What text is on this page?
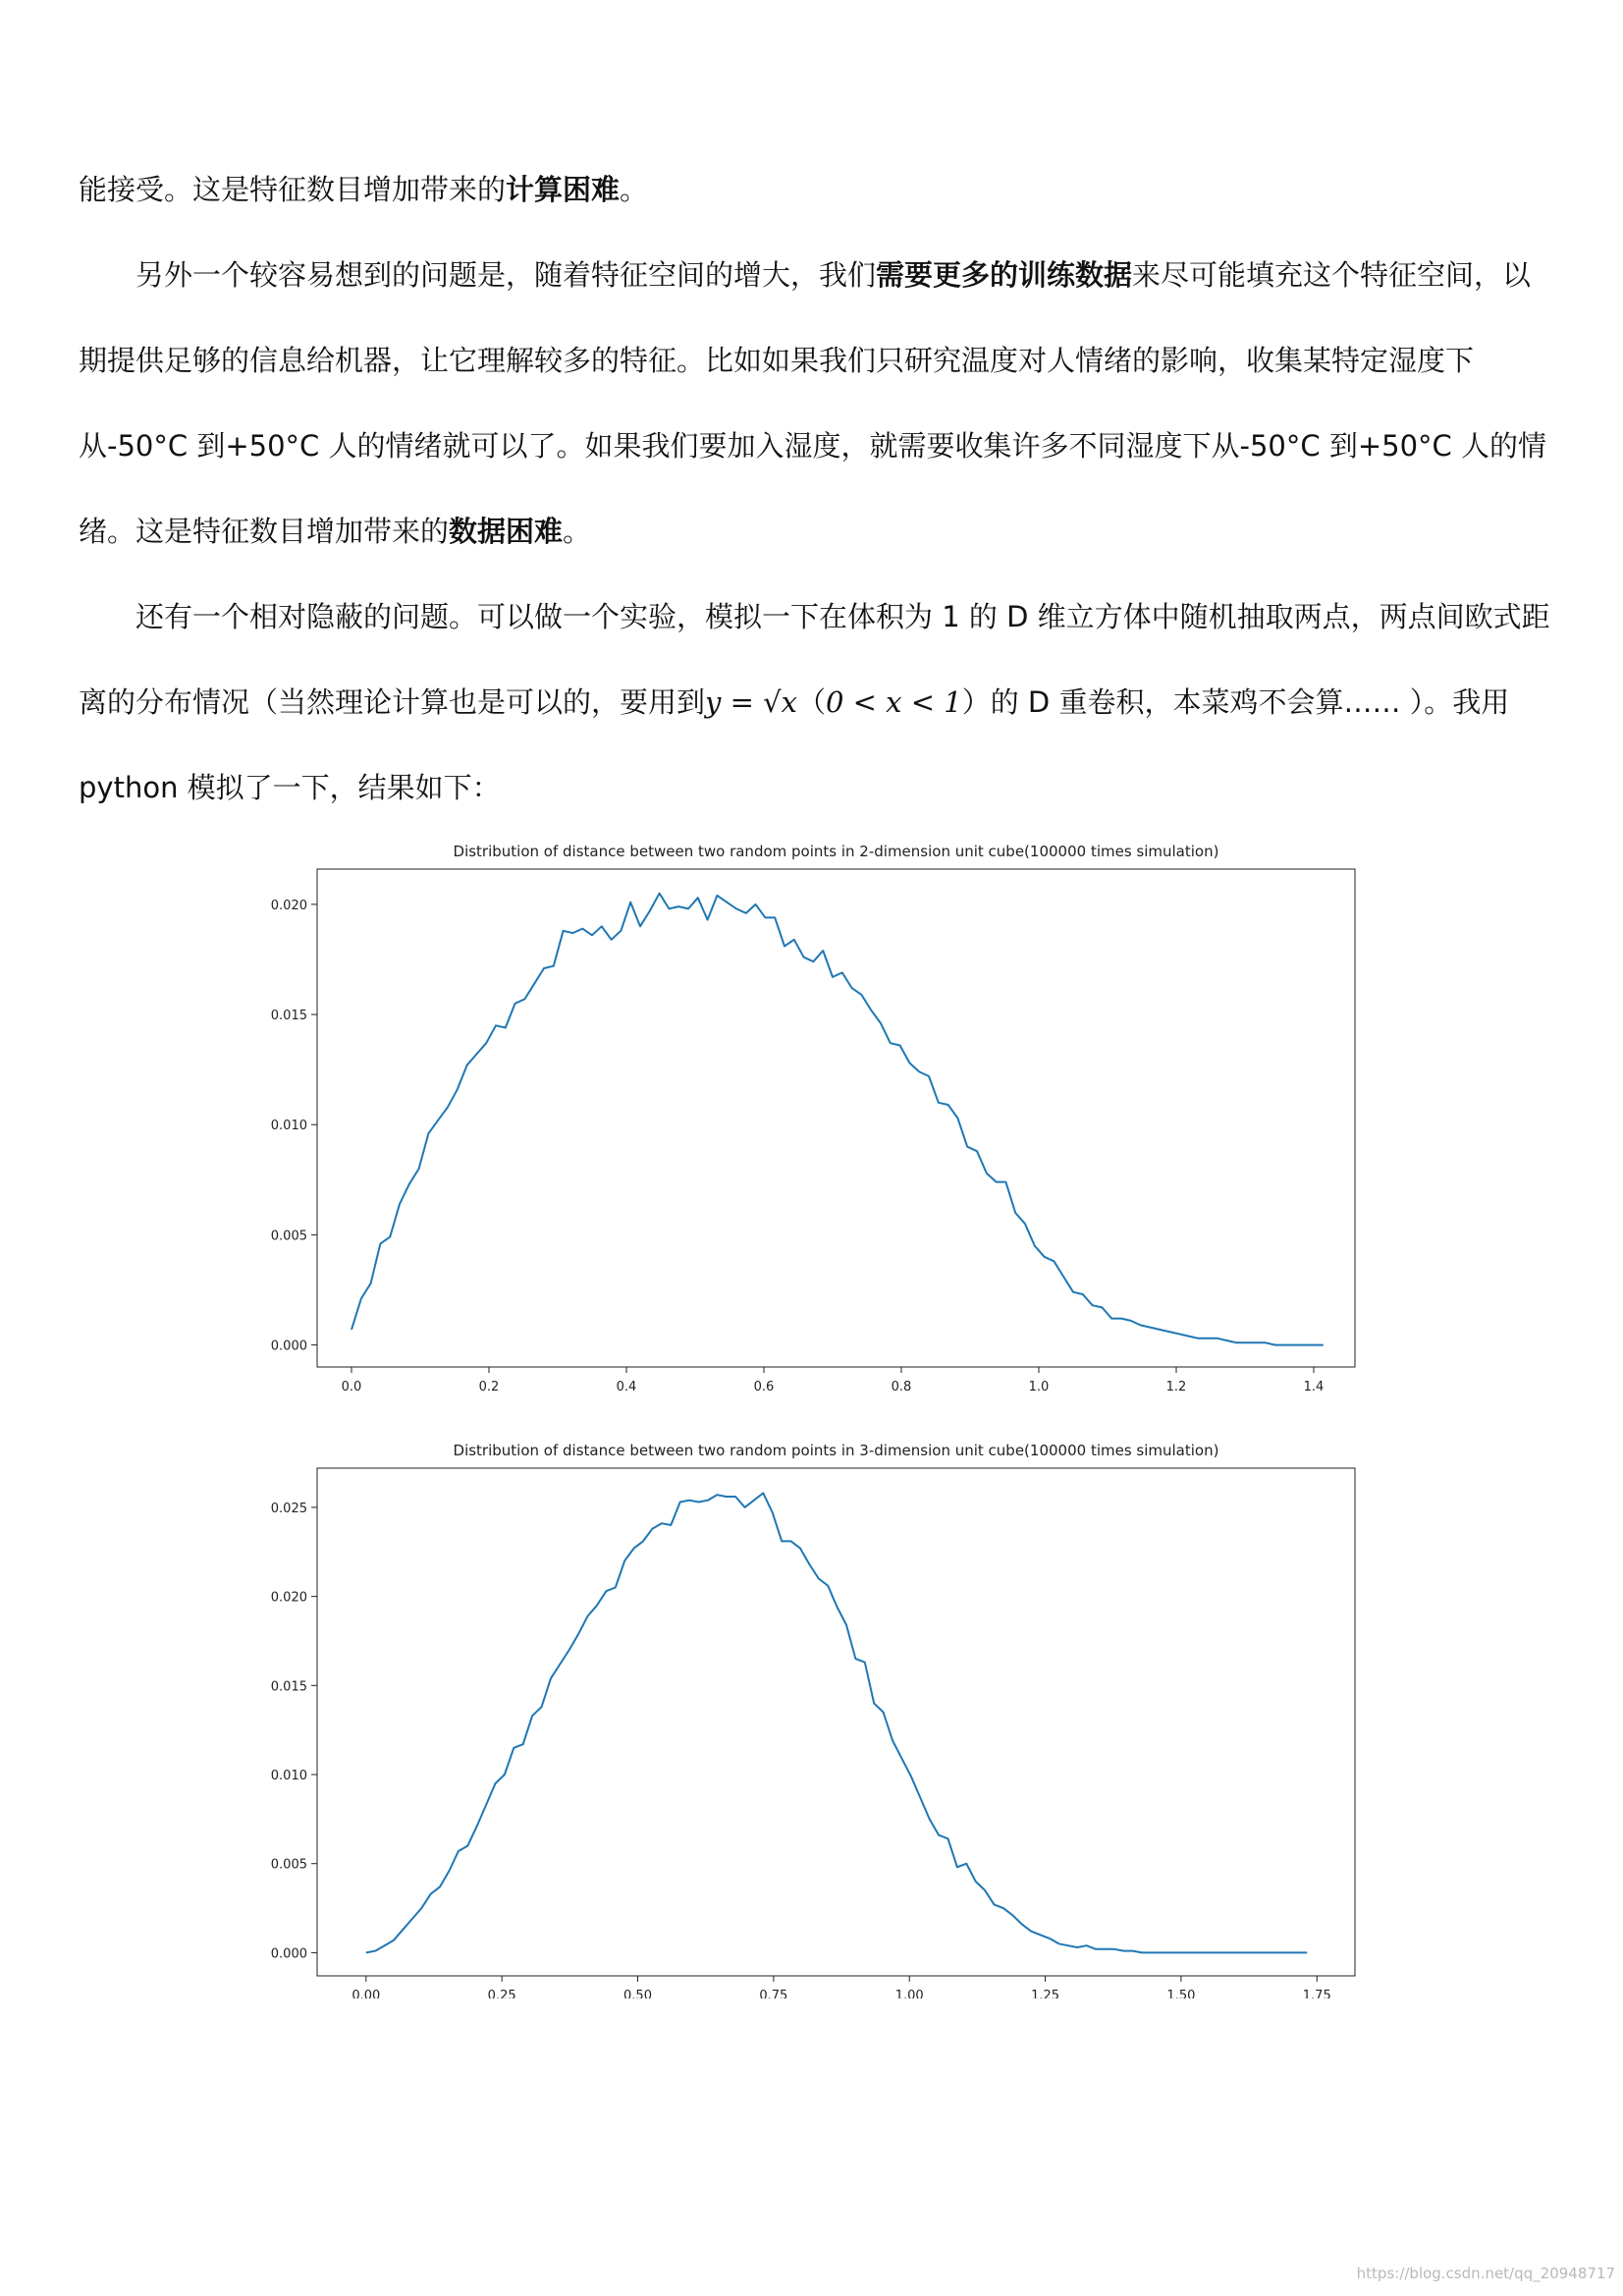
能接受。这是特征数目增加带来的计算困难。

另外一个较容易想到的问题是，随着特征空间的增大，我们需要更多的训练数据来尽可能填充这个特征空间，以期提供足够的信息给机器，让它理解较多的特征。比如如果我们只研究温度对人情绪的影响，收集某特定湿度下从-50°C 到+50°C 人的情绪就可以了。如果我们要加入湿度，就需要收集许多不同湿度下从-50°C 到+50°C 人的情绪。这是特征数目增加带来的数据困难。

还有一个相对隐蔽的问题。可以做一个实验，模拟一下在体积为 1 的 D 维立方体中随机抽取两点，两点间欧式距离的分布情况（当然理论计算也是可以的，要用到y = √x（0 < x < 1）的 D 重卷积，本菜鸡不会算…… ）。我用 python 模拟了一下，结果如下：

Distribution of distance between two random points in 2-dimension unit cube(100000 times simulation)
0.0	0.2	0.4	0.6	0.8	1.0	1.2	1.4
0.000
0.005
0.010
0.015
0.020
Distribution of distance between two random points in 3-dimension unit cube(100000 times simulation)
0.00	0.25	0.50	0.75	1.00	1.25	1.50	1.75
0.000
0.005
0.010
0.015
0.020
0.025
https://blog.csdn.net/qq_20948717
